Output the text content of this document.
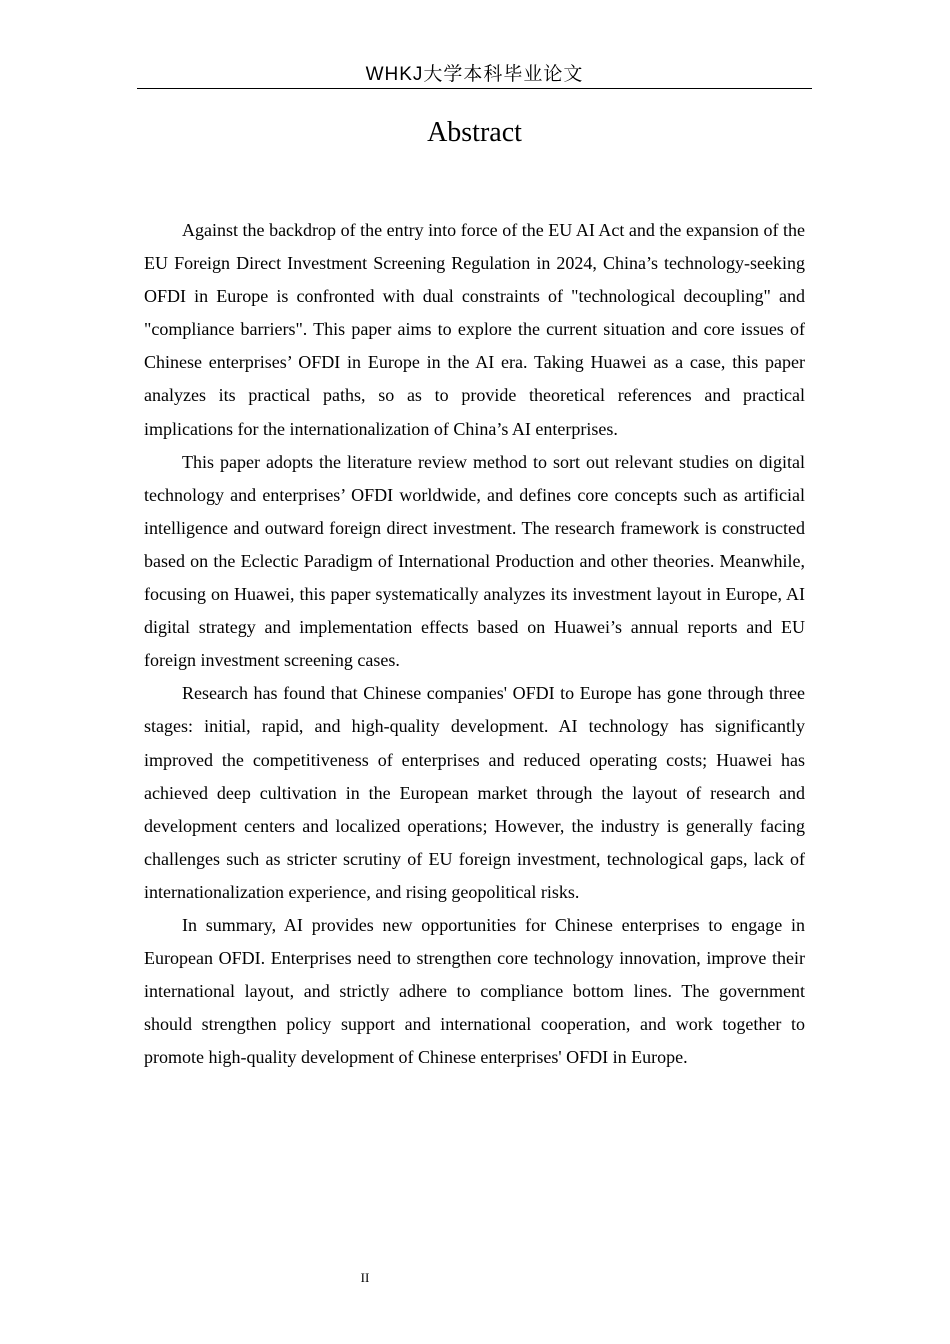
WHKJ大学本科毕业论文
Abstract

Against the backdrop of the entry into force of the EU AI Act and the expansion of the EU Foreign Direct Investment Screening Regulation in 2024, China’s technology-seeking OFDI in Europe is confronted with dual constraints of "technological decoupling" and "compliance barriers". This paper aims to explore the current situation and core issues of Chinese enterprises’ OFDI in Europe in the AI era. Taking Huawei as a case, this paper analyzes its practical paths, so as to provide theoretical references and practical implications for the internationalization of China’s AI enterprises.

This paper adopts the literature review method to sort out relevant studies on digital technology and enterprises’ OFDI worldwide, and defines core concepts such as artificial intelligence and outward foreign direct investment. The research framework is constructed based on the Eclectic Paradigm of International Production and other theories. Meanwhile, focusing on Huawei, this paper systematically analyzes its investment layout in Europe, AI digital strategy and implementation effects based on Huawei’s annual reports and EU foreign investment screening cases.

Research has found that Chinese companies' OFDI to Europe has gone through three stages: initial, rapid, and high-quality development. AI technology has significantly improved the competitiveness of enterprises and reduced operating costs; Huawei has achieved deep cultivation in the European market through the layout of research and development centers and localized operations; However, the industry is generally facing challenges such as stricter scrutiny of EU foreign investment, technological gaps, lack of internationalization experience, and rising geopolitical risks.

In summary, AI provides new opportunities for Chinese enterprises to engage in European OFDI. Enterprises need to strengthen core technology innovation, improve their international layout, and strictly adhere to compliance bottom lines. The government should strengthen policy support and international cooperation, and work together to promote high-quality development of Chinese enterprises' OFDI in Europe.

II
